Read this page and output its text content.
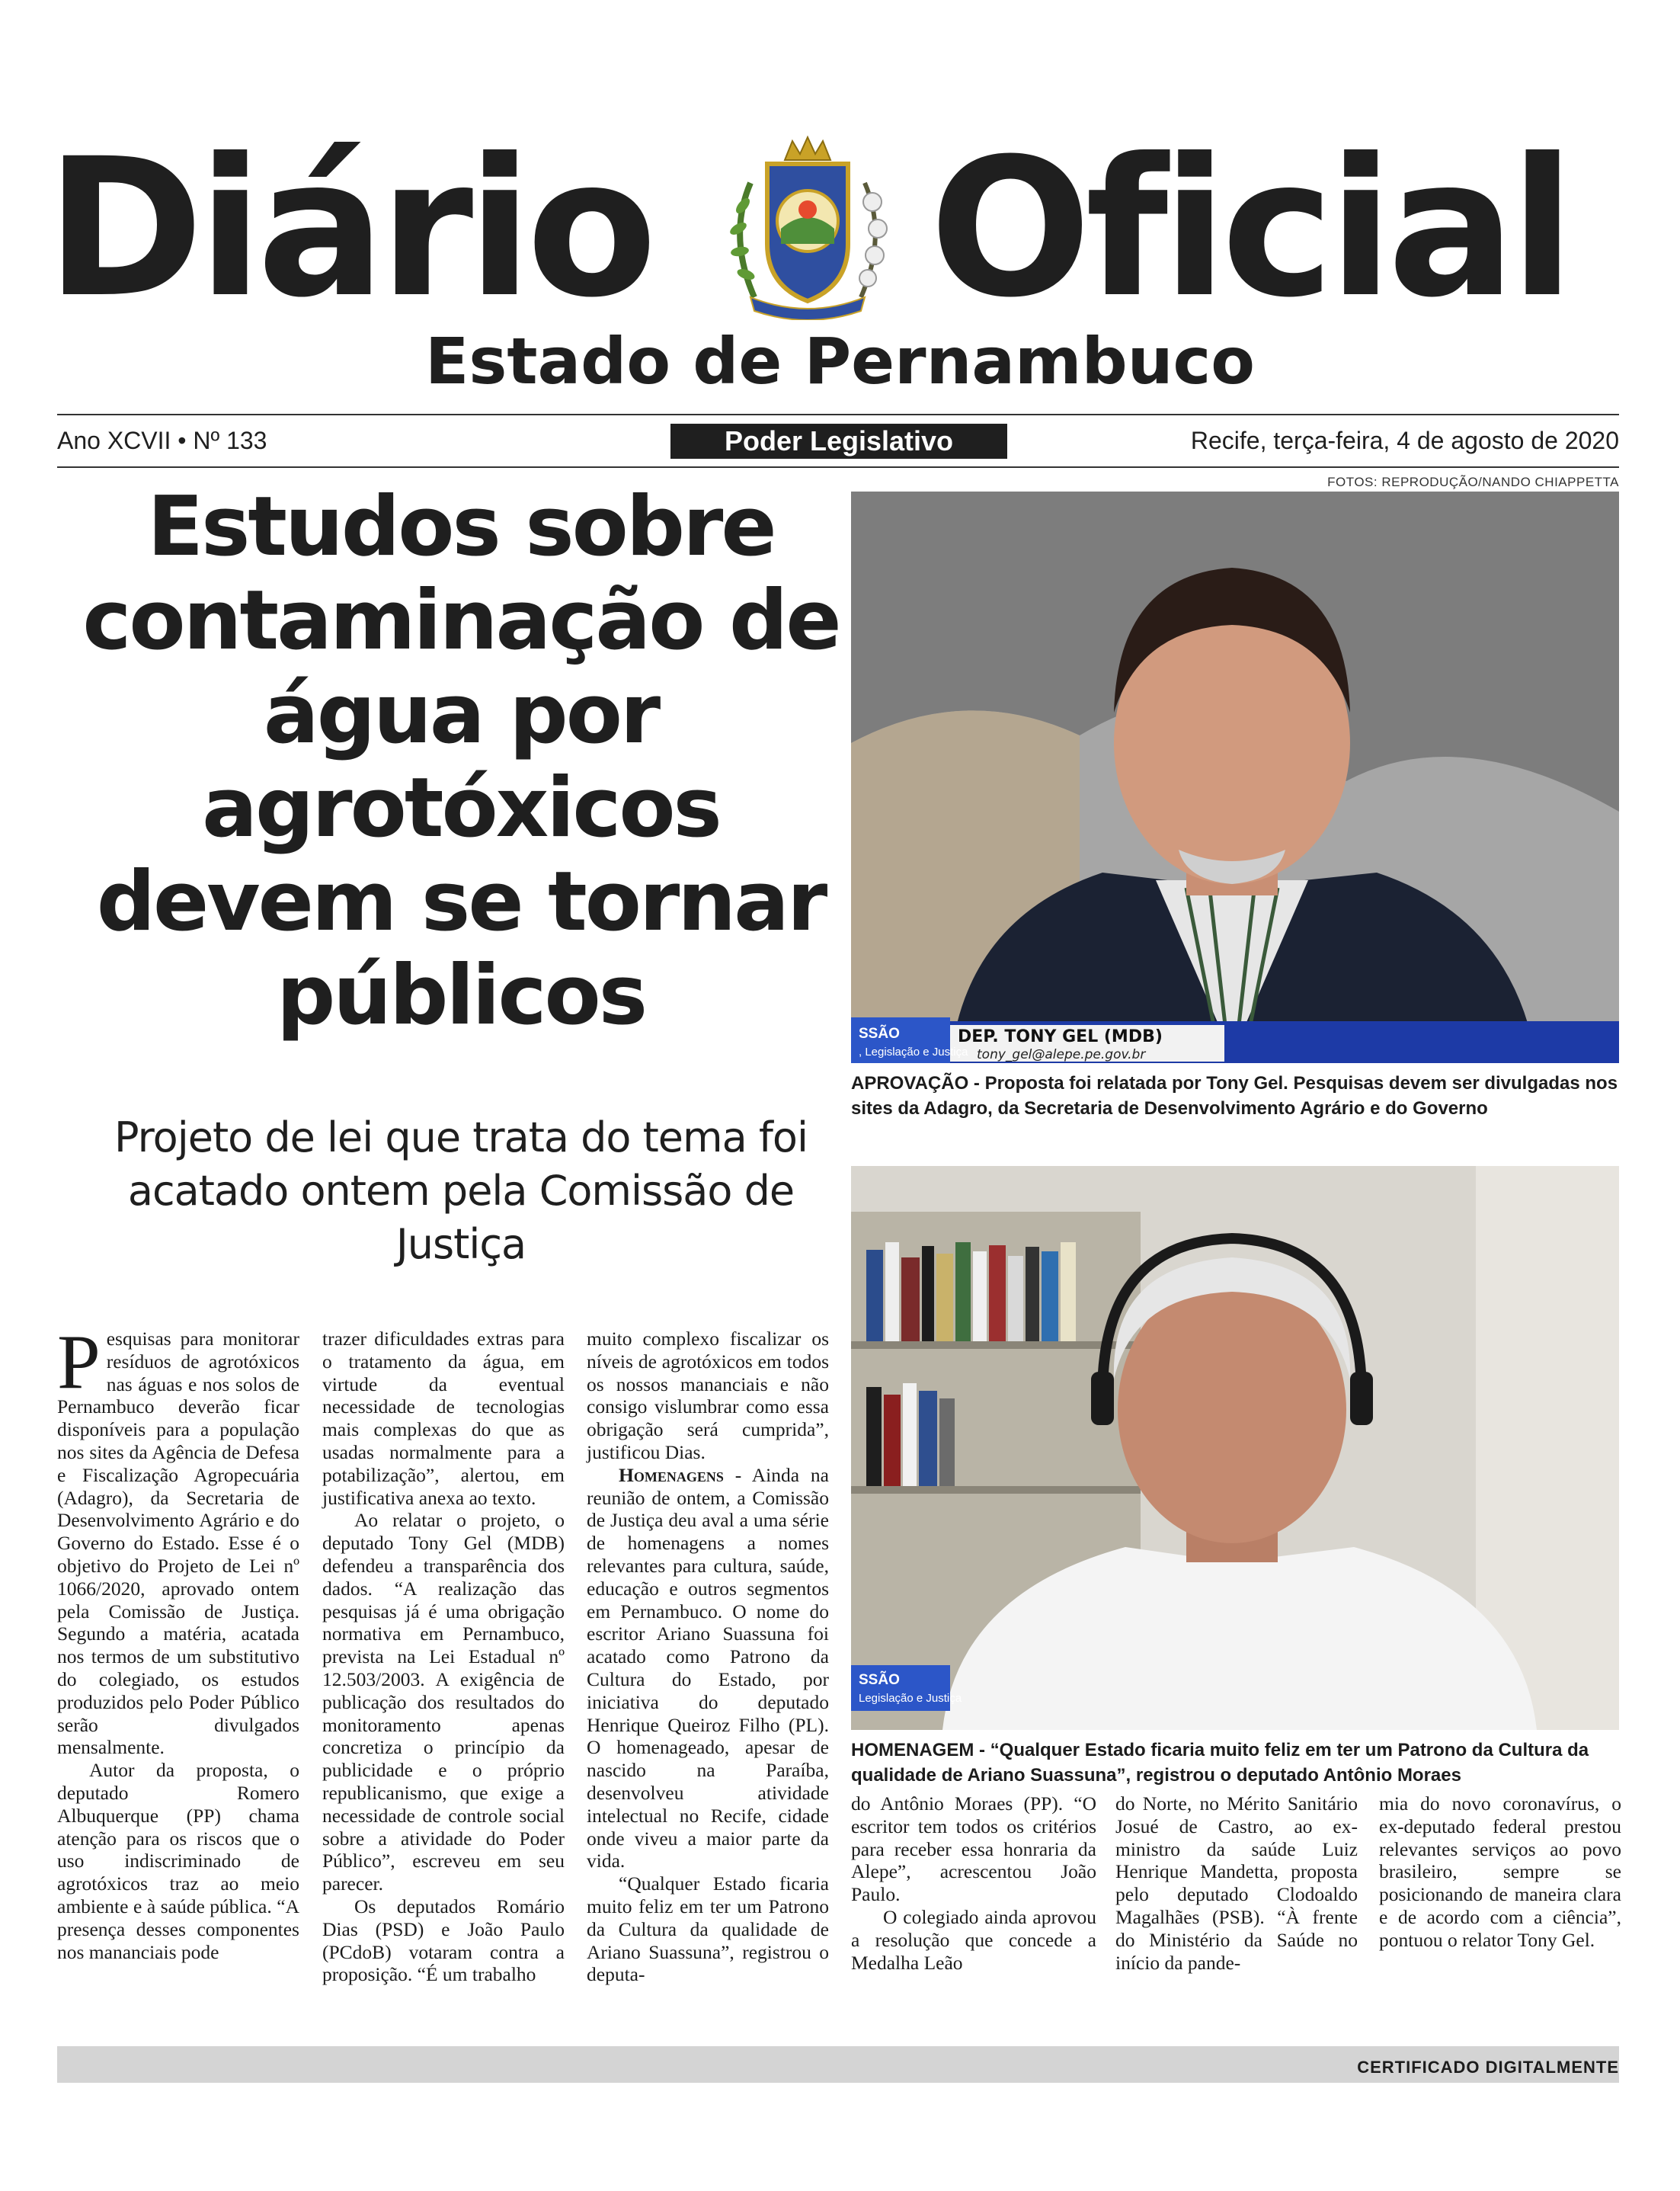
Diário Oficial
Estado de Pernambuco
Ano XCVII • Nº 133	Poder Legislativo	Recife, terça-feira, 4 de agosto de 2020
Estudos sobre contaminação de água por agrotóxicos devem se tornar públicos
Projeto de lei que trata do tema foi acatado ontem pela Comissão de Justiça
FOTOS: REPRODUÇÃO/NANDO CHIAPPETTA
SSÃO
, Legislação e Justiça
DEP. TONY GEL (MDB)
tony_gel@alepe.pe.gov.br

APROVAÇÃO - Proposta foi relatada por Tony Gel. Pesquisas devem ser divulgadas nos sites da Adagro, da Secretaria de Desenvolvimento Agrário e do Governo

SSÃO
Legislação e Justiça

HOMENAGEM - “Qualquer Estado ficaria muito feliz em ter um Patrono da Cultura da qualidade de Ariano Suassuna”, registrou o deputado Antônio Moraes

Pesquisas para monitorar resíduos de agrotóxicos nas águas e nos solos de Pernambuco deverão ficar disponíveis para a população nos sites da Agência de Defesa e Fiscalização Agropecuária (Adagro), da Secretaria de Desenvolvimento Agrário e do Governo do Estado. Esse é o objetivo do Projeto de Lei nº 1066/2020, aprovado ontem pela Comissão de Justiça. Segundo a matéria, acatada nos termos de um substitutivo do colegiado, os estudos produzidos pelo Poder Público serão divulgados mensalmente.

Autor da proposta, o deputado Romero Albuquerque (PP) chama atenção para os riscos que o uso indiscriminado de agrotóxicos traz ao meio ambiente e à saúde pública. “A presença desses componentes nos mananciais pode

trazer dificuldades extras para o tratamento da água, em virtude da eventual necessidade de tecnologias mais complexas do que as usadas normalmente para a potabilização”, alertou, em justificativa anexa ao texto.

Ao relatar o projeto, o deputado Tony Gel (MDB) defendeu a transparência dos dados. “A realização das pesquisas já é uma obrigação normativa em Pernambuco, prevista na Lei Estadual nº 12.503/2003. A exigência de publicação dos resultados do monitoramento apenas concretiza o princípio da publicidade e o próprio republicanismo, que exige a necessidade de controle social sobre a atividade do Poder Público”, escreveu em seu parecer.

Os deputados Romário Dias (PSD) e João Paulo (PCdoB) votaram contra a proposição. “É um trabalho

muito complexo fiscalizar os níveis de agrotóxicos em todos os nossos mananciais e não consigo vislumbrar como essa obrigação será cumprida”, justificou Dias.

Homenagens - Ainda na reunião de ontem, a Comissão de Justiça deu aval a uma série de homenagens a nomes relevantes para cultura, saúde, educação e outros segmentos em Pernambuco. O nome do escritor Ariano Suassuna foi acatado como Patrono da Cultura do Estado, por iniciativa do deputado Henrique Queiroz Filho (PL). O homenageado, apesar de nascido na Paraíba, desenvolveu atividade intelectual no Recife, cidade onde viveu a maior parte da vida.

“Qualquer Estado ficaria muito feliz em ter um Patrono da Cultura da qualidade de Ariano Suassuna”, registrou o deputa-

do Antônio Moraes (PP). “O escritor tem todos os critérios para receber essa honraria da Alepe”, acrescentou João Paulo.

O colegiado ainda aprovou a resolução que concede a Medalha Leão

do Norte, no Mérito Sanitário Josué de Castro, ao ex-ministro da saúde Luiz Henrique Mandetta, proposta pelo deputado Clodoaldo Magalhães (PSB). “À frente do Ministério da Saúde no início da pande-

mia do novo coronavírus, o ex-deputado federal prestou relevantes serviços ao povo brasileiro, sempre se posicionando de maneira clara e de acordo com a ciência”, pontuou o relator Tony Gel.

CERTIFICADO DIGITALMENTE
